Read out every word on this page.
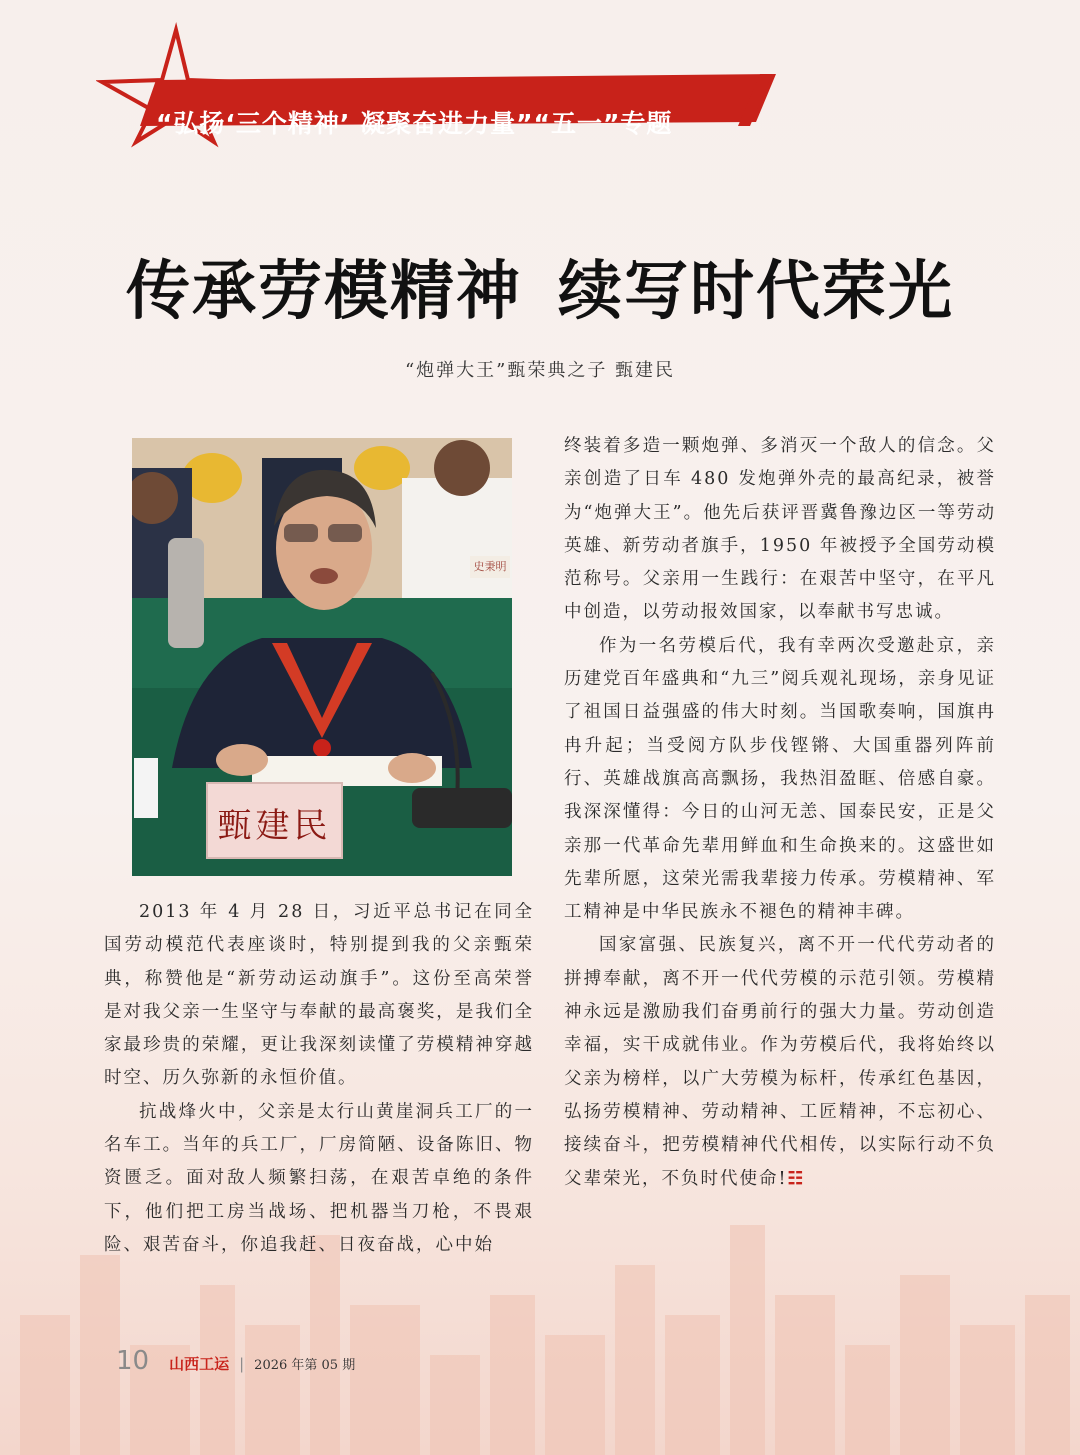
“弘扬‘三个精神’ 凝聚奋进力量”“五一”专题
传承劳模精神 续写时代荣光
“炮弹大王”甄荣典之子 甄建民
甄建民
史秉明

2013 年 4 月 28 日，习近平总书记在同全国劳动模范代表座谈时，特别提到我的父亲甄荣典，称赞他是“新劳动运动旗手”。这份至高荣誉是对我父亲一生坚守与奉献的最高褒奖，是我们全家最珍贵的荣耀，更让我深刻读懂了劳模精神穿越时空、历久弥新的永恒价值。

抗战烽火中，父亲是太行山黄崖洞兵工厂的一名车工。当年的兵工厂，厂房简陋、设备陈旧、物资匮乏。面对敌人频繁扫荡，在艰苦卓绝的条件下，他们把工房当战场、把机器当刀枪，不畏艰险、艰苦奋斗，你追我赶、日夜奋战，心中始

终装着多造一颗炮弹、多消灭一个敌人的信念。父亲创造了日车 480 发炮弹外壳的最高纪录，被誉为“炮弹大王”。他先后获评晋冀鲁豫边区一等劳动英雄、新劳动者旗手，1950 年被授予全国劳动模范称号。父亲用一生践行：在艰苦中坚守，在平凡中创造，以劳动报效国家，以奉献书写忠诚。

作为一名劳模后代，我有幸两次受邀赴京，亲历建党百年盛典和“九三”阅兵观礼现场，亲身见证了祖国日益强盛的伟大时刻。当国歌奏响，国旗冉冉升起；当受阅方队步伐铿锵、大国重器列阵前行、英雄战旗高高飘扬，我热泪盈眶、倍感自豪。我深深懂得：今日的山河无恙、国泰民安，正是父亲那一代革命先辈用鲜血和生命换来的。这盛世如先辈所愿，这荣光需我辈接力传承。劳模精神、军工精神是中华民族永不褪色的精神丰碑。

国家富强、民族复兴，离不开一代代劳动者的拼搏奉献，离不开一代代劳模的示范引领。劳模精神永远是激励我们奋勇前行的强大力量。劳动创造幸福，实干成就伟业。作为劳模后代，我将始终以父亲为榜样，以广大劳模为标杆，传承红色基因，弘扬劳模精神、劳动精神、工匠精神，不忘初心、接续奋斗，把劳模精神代代相传，以实际行动不负父辈荣光，不负时代使命!☷

10 山西工运 | 2026 年第 05 期
